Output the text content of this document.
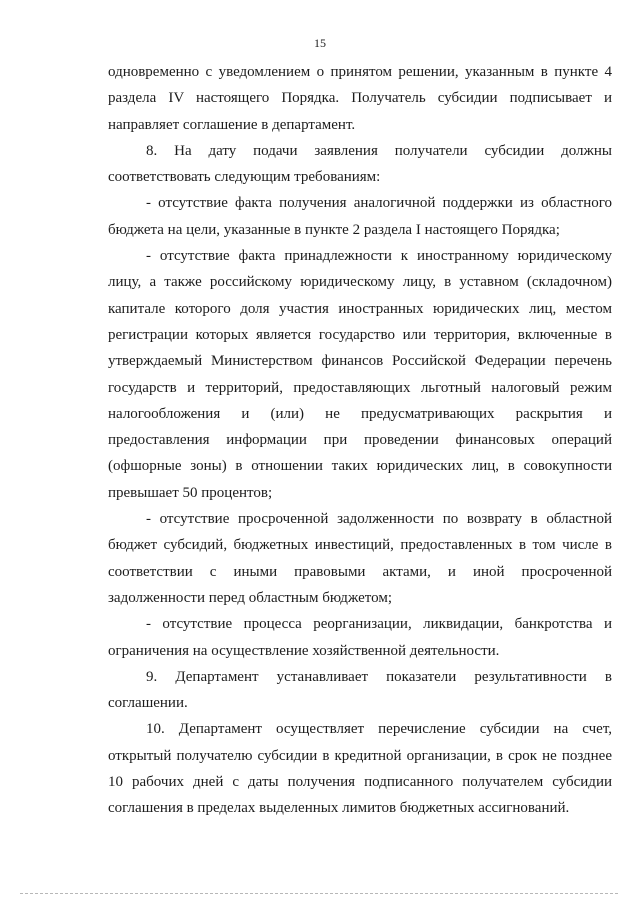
15

одновременно с уведомлением о принятом решении, указанным в пункте 4 раздела IV настоящего Порядка. Получатель субсидии подписывает и направляет соглашение в департамент.

8. На дату подачи заявления получатели субсидии должны соответствовать следующим требованиям:

- отсутствие факта получения аналогичной поддержки из областного бюджета на цели, указанные в пункте 2 раздела I настоящего Порядка;

- отсутствие факта принадлежности к иностранному юридическому лицу, а также российскому юридическому лицу, в уставном (складочном) капитале которого доля участия иностранных юридических лиц, местом регистрации которых является государство или территория, включенные в утверждаемый Министерством финансов Российской Федерации перечень государств и территорий, предоставляющих льготный налоговый режим налогообложения и (или) не предусматривающих раскрытия и предоставления информации при проведении финансовых операций (офшорные зоны) в отношении таких юридических лиц, в совокупности превышает 50 процентов;

- отсутствие просроченной задолженности по возврату в областной бюджет субсидий, бюджетных инвестиций, предоставленных в том числе в соответствии с иными правовыми актами, и иной просроченной задолженности перед областным бюджетом;

- отсутствие процесса реорганизации, ликвидации, банкротства и ограничения на осуществление хозяйственной деятельности.

9. Департамент устанавливает показатели результативности в соглашении.

10. Департамент осуществляет перечисление субсидии на счет, открытый получателю субсидии в кредитной организации, в срок не позднее 10 рабочих дней с даты получения подписанного получателем субсидии соглашения в пределах выделенных лимитов бюджетных ассигнований.
